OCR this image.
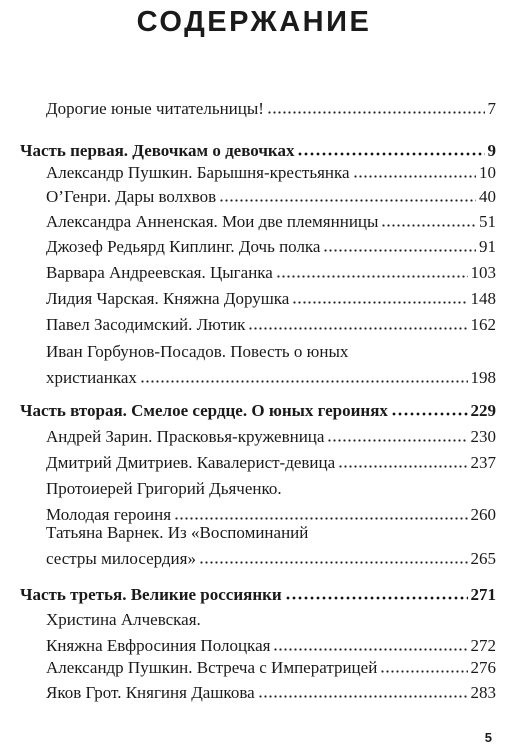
СОДЕРЖАНИЕ
Дорогие юные читательницы!	7
Часть первая. Девочкам о девочках	9
Александр Пушкин. Барышня-крестьянка	10
О’Генри. Дары волхвов	40
Александра Анненская. Мои две племянницы	51
Джозеф Редьярд Киплинг. Дочь полка	91
Варвара Андреевская. Цыганка	103
Лидия Чарская. Княжна Дорушка	148
Павел Засодимский. Лютик	162
Иван Горбунов-Посадов. Повесть о юных
христианках	198
Часть вторая. Смелое сердце. О юных героинях	229
Андрей Зарин. Прасковья-кружевница	230
Дмитрий Дмитриев. Кавалерист-девица	237
Протоиерей Григорий Дьяченко.
Молодая героиня	260
Татьяна Варнек. Из «Воспоминаний
сестры милосердия»	265
Часть третья. Великие россиянки	271
Христина Алчевская.
Княжна Евфросиния Полоцкая	272
Александр Пушкин. Встреча с Императрицей	276
Яков Грот. Княгиня Дашкова	283
5
